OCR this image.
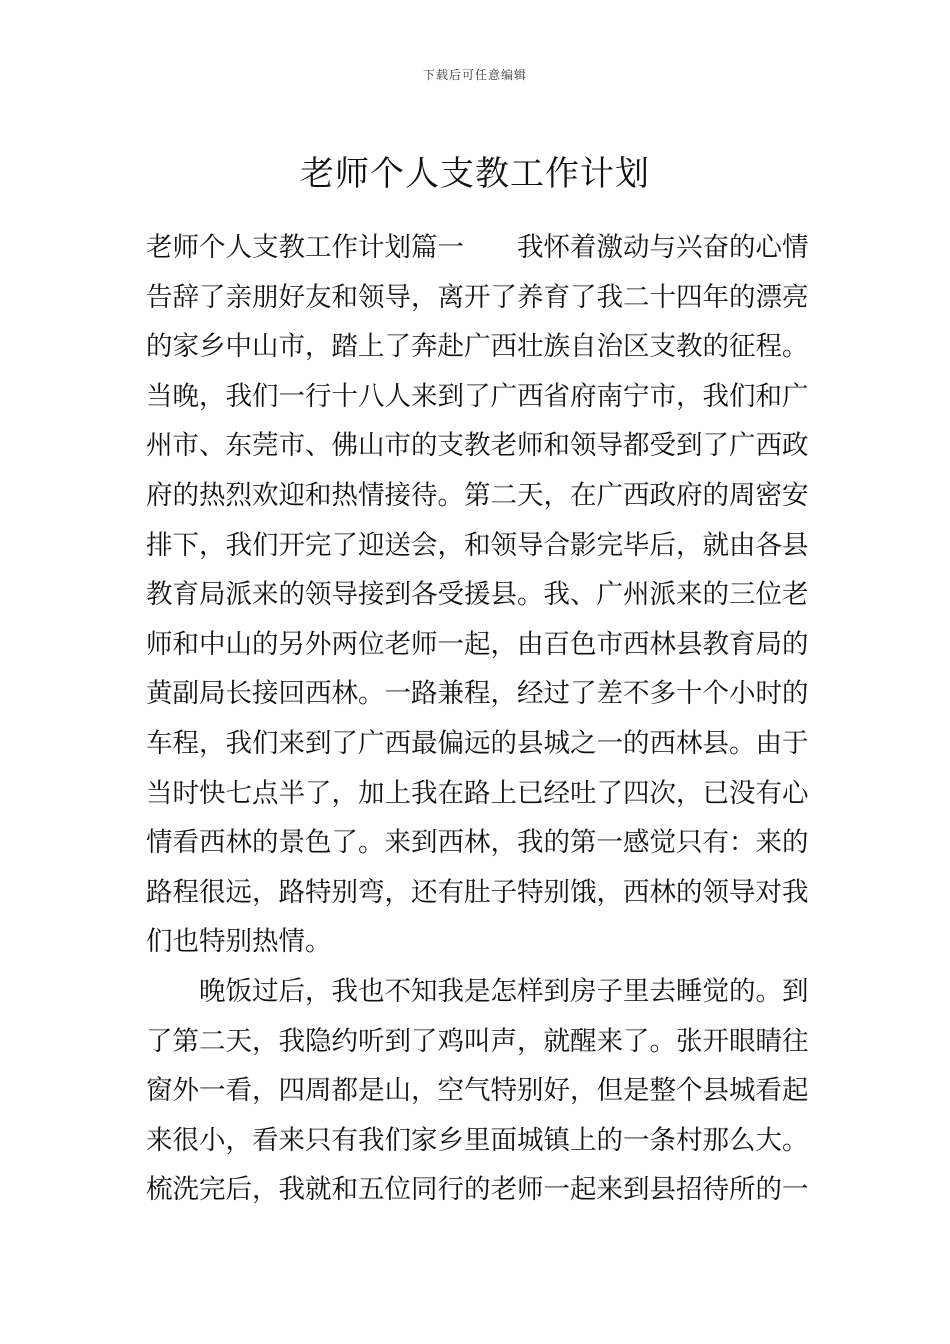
下载后可任意编辑
老师个人支教工作计划
老师个人支教工作计划篇一　　我怀着激动与兴奋的心情
告辞了亲朋好友和领导，离开了养育了我二十四年的漂亮
的家乡中山市，踏上了奔赴广西壮族自治区支教的征程。
当晚，我们一行十八人来到了广西省府南宁市，我们和广
州市、东莞市、佛山市的支教老师和领导都受到了广西政
府的热烈欢迎和热情接待。第二天，在广西政府的周密安
排下，我们开完了迎送会，和领导合影完毕后，就由各县
教育局派来的领导接到各受援县。我、广州派来的三位老
师和中山的另外两位老师一起，由百色市西林县教育局的
黄副局长接回西林。一路兼程，经过了差不多十个小时的
车程，我们来到了广西最偏远的县城之一的西林县。由于
当时快七点半了，加上我在路上已经吐了四次，已没有心
情看西林的景色了。来到西林，我的第一感觉只有：来的
路程很远，路特别弯，还有肚子特别饿，西林的领导对我
们也特别热情。
晚饭过后，我也不知我是怎样到房子里去睡觉的。到
了第二天，我隐约听到了鸡叫声，就醒来了。张开眼睛往
窗外一看，四周都是山，空气特别好，但是整个县城看起
来很小，看来只有我们家乡里面城镇上的一条村那么大。
梳洗完后，我就和五位同行的老师一起来到县招待所的一
